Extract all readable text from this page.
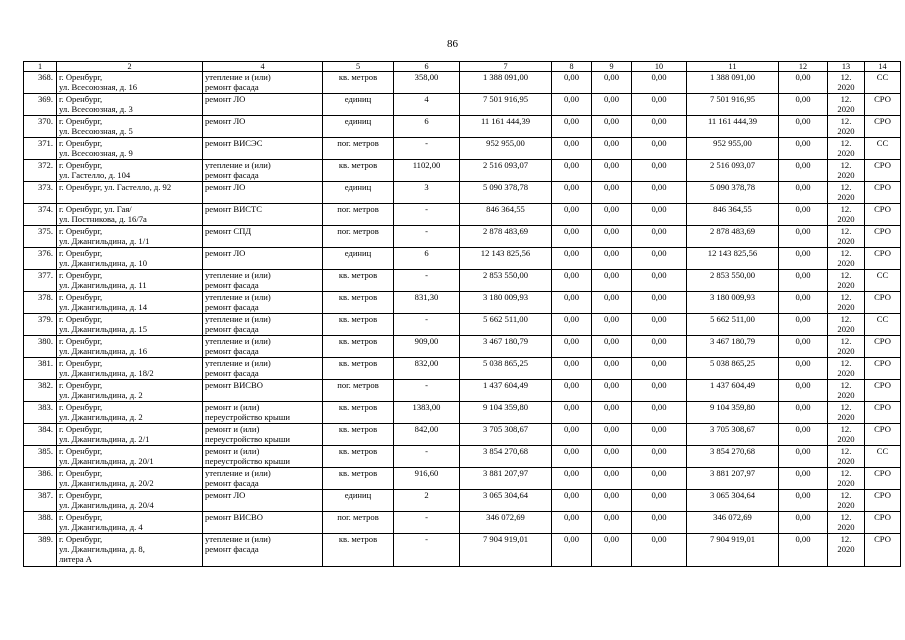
86
1	2	4	5	6	7	8	9	10	11	12	13	14
368.	г. Оренбург,
ул. Всесоюзная, д. 16	утепление и (или)
ремонт фасада	кв. метров	358,00	1 388 091,00	0,00	0,00	0,00	1 388 091,00	0,00	12.
2020	СС
369.	г. Оренбург,
ул. Всесоюзная, д. 3	ремонт ЛО	единиц	4	7 501 916,95	0,00	0,00	0,00	7 501 916,95	0,00	12.
2020	СРО
370.	г. Оренбург,
ул. Всесоюзная, д. 5	ремонт ЛО	единиц	6	11 161 444,39	0,00	0,00	0,00	11 161 444,39	0,00	12.
2020	СРО
371.	г. Оренбург,
ул. Всесоюзная, д. 9	ремонт ВИСЭС	пог. метров	-	952 955,00	0,00	0,00	0,00	952 955,00	0,00	12.
2020	СС
372.	г. Оренбург,
ул. Гастелло, д. 104	утепление и (или)
ремонт фасада	кв. метров	1102,00	2 516 093,07	0,00	0,00	0,00	2 516 093,07	0,00	12.
2020	СРО
373.	г. Оренбург, ул. Гастелло, д. 92	ремонт ЛО	единиц	3	5 090 378,78	0,00	0,00	0,00	5 090 378,78	0,00	12.
2020	СРО
374.	г. Оренбург, ул. Гая/
ул. Постникова, д. 16/7а	ремонт ВИСТС	пог. метров	-	846 364,55	0,00	0,00	0,00	846 364,55	0,00	12.
2020	СРО
375.	г. Оренбург,
ул. Джангильдина, д. 1/1	ремонт СПД	пог. метров	-	2 878 483,69	0,00	0,00	0,00	2 878 483,69	0,00	12.
2020	СРО
376.	г. Оренбург,
ул. Джангильдина, д. 10	ремонт ЛО	единиц	6	12 143 825,56	0,00	0,00	0,00	12 143 825,56	0,00	12.
2020	СРО
377.	г. Оренбург,
ул. Джангильдина, д. 11	утепление и (или)
ремонт фасада	кв. метров	-	2 853 550,00	0,00	0,00	0,00	2 853 550,00	0,00	12.
2020	СС
378.	г. Оренбург,
ул. Джангильдина, д. 14	утепление и (или)
ремонт фасада	кв. метров	831,30	3 180 009,93	0,00	0,00	0,00	3 180 009,93	0,00	12.
2020	СРО
379.	г. Оренбург,
ул. Джангильдина, д. 15	утепление и (или)
ремонт фасада	кв. метров	-	5 662 511,00	0,00	0,00	0,00	5 662 511,00	0,00	12.
2020	СС
380.	г. Оренбург,
ул. Джангильдина, д. 16	утепление и (или)
ремонт фасада	кв. метров	909,00	3 467 180,79	0,00	0,00	0,00	3 467 180,79	0,00	12.
2020	СРО
381.	г. Оренбург,
ул. Джангильдина, д. 18/2	утепление и (или)
ремонт фасада	кв. метров	832,00	5 038 865,25	0,00	0,00	0,00	5 038 865,25	0,00	12.
2020	СРО
382.	г. Оренбург,
ул. Джангильдина, д. 2	ремонт ВИСВО	пог. метров	-	1 437 604,49	0,00	0,00	0,00	1 437 604,49	0,00	12.
2020	СРО
383.	г. Оренбург,
ул. Джангильдина, д. 2	ремонт и (или)
переустройство крыши	кв. метров	1383,00	9 104 359,80	0,00	0,00	0,00	9 104 359,80	0,00	12.
2020	СРО
384.	г. Оренбург,
ул. Джангильдина, д. 2/1	ремонт и (или)
переустройство крыши	кв. метров	842,00	3 705 308,67	0,00	0,00	0,00	3 705 308,67	0,00	12.
2020	СРО
385.	г. Оренбург,
ул. Джангильдина, д. 20/1	ремонт и (или)
переустройство крыши	кв. метров	-	3 854 270,68	0,00	0,00	0,00	3 854 270,68	0,00	12.
2020	СС
386.	г. Оренбург,
ул. Джангильдина, д. 20/2	утепление и (или)
ремонт фасада	кв. метров	916,60	3 881 207,97	0,00	0,00	0,00	3 881 207,97	0,00	12.
2020	СРО
387.	г. Оренбург,
ул. Джангильдина, д. 20/4	ремонт ЛО	единиц	2	3 065 304,64	0,00	0,00	0,00	3 065 304,64	0,00	12.
2020	СРО
388.	г. Оренбург,
ул. Джангильдина, д. 4	ремонт ВИСВО	пог. метров	-	346 072,69	0,00	0,00	0,00	346 072,69	0,00	12.
2020	СРО
389.	г. Оренбург,
ул. Джангильдина, д. 8,
литера А	утепление и (или)
ремонт фасада	кв. метров	-	7 904 919,01	0,00	0,00	0,00	7 904 919,01	0,00	12.
2020	СРО
